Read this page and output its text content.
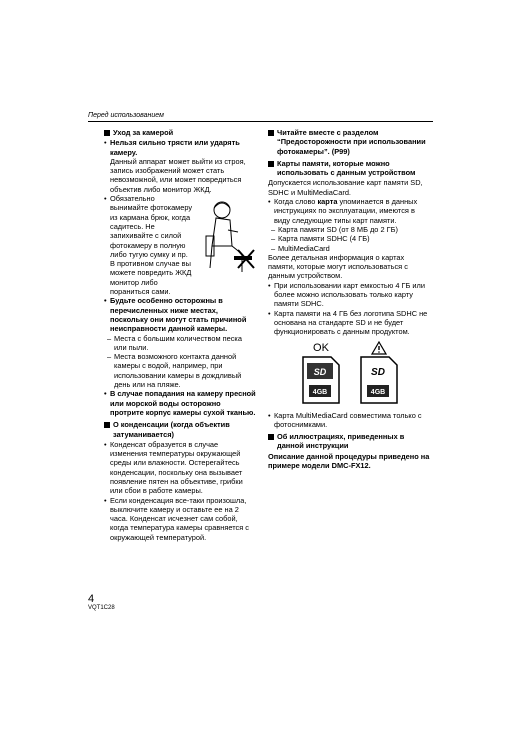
Перед использованием
Уход за камерой
• Нельзя сильно трясти или ударять камеру.
Данный аппарат может выйти из строя, запись изображений может стать невозможной, или может повредиться объектив либо монитор ЖКД.
• Обязательно вынимайте фотокамеру из кармана брюк, когда садитесь. Не запихивайте с силой фотокамеру в полную либо тугую сумку и пр. В противном случае вы можете повредить ЖКД монитор либо пораниться сами.
• Будьте особенно осторожны в перечисленных ниже местах, поскольку они могут стать причиной неисправности данной камеры.
– Места с большим количеством песка или пыли.
– Места возможного контакта данной камеры с водой, например, при использовании камеры в дождливый день или на пляже.
• В случае попадания на камеру пресной или морской воды осторожно протрите корпус камеры сухой тканью.
О конденсации (когда объектив затуманивается)
• Конденсат образуется в случае изменения температуры окружающей среды или влажности. Остерегайтесь конденсации, поскольку она вызывает появление пятен на объективе, грибки или сбои в работе камеры.
• Если конденсация все-таки произошла, выключите камеру и оставьте ее на 2 часа. Конденсат исчезнет сам собой, когда температура камеры сравняется с окружающей температурой.
Читайте вместе с разделом “Предосторожности при использовании фотокамеры”. (P99)
Карты памяти, которые можно использовать с данным устройством
Допускается использование карт памяти SD, SDHC и MultiMediaCard.
• Когда слово карта упоминается в данных инструкциях по эксплуатации, имеются в виду следующие типы карт памяти.
– Карта памяти SD (от 8 МБ до 2 ГБ)
– Карта памяти SDHC (4 ГБ)
– MultiMediaCard
Более детальная информация о картах памяти, которые могут использоваться с данным устройством.
• При использовании карт емкостью 4 ГБ или более можно использовать только карту памяти SDHC.
• Карта памяти на 4 ГБ без логотипа SDHC не основана на стандарте SD и не будет функционировать с данным продуктом.
OK
SD
4GB
SD
4GB
• Карта MultiMediaCard совместима только с фотоснимками.
Об иллюстрациях, приведенных в данной инструкции
Описание данной процедуры приведено на примере модели DMC-FX12.
4
VQT1C28
